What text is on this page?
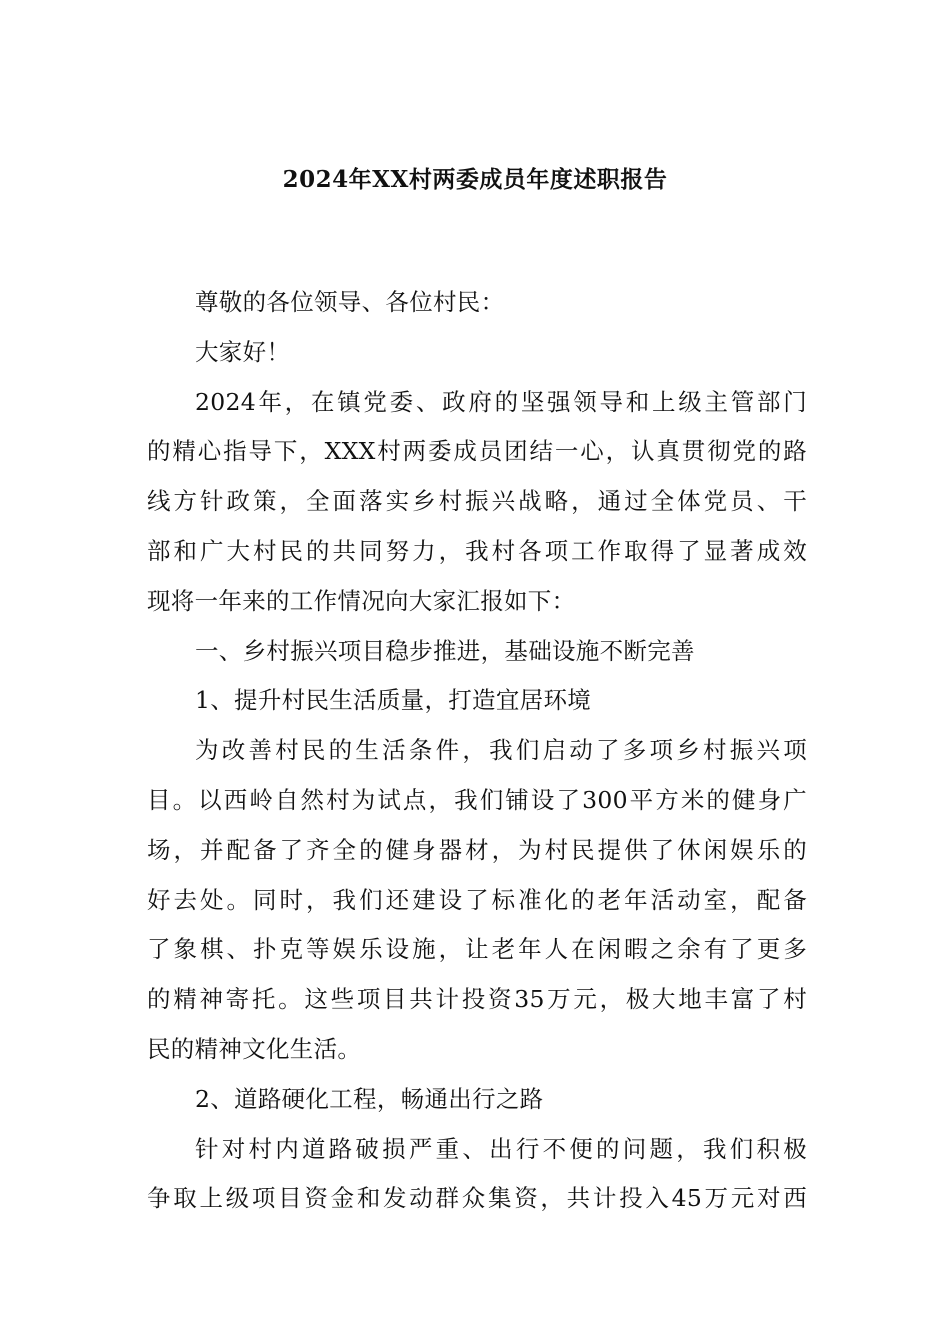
2024年XX村两委成员年度述职报告
尊敬的各位领导、各位村民：
大家好！
2024年，在镇党委、政府的坚强领导和上级主管部门
的精心指导下，XXX村两委成员团结一心，认真贯彻党的路
线方针政策，全面落实乡村振兴战略，通过全体党员、干
部和广大村民的共同努力，我村各项工作取得了显著成效
现将一年来的工作情况向大家汇报如下：
一、乡村振兴项目稳步推进，基础设施不断完善
1、提升村民生活质量，打造宜居环境
为改善村民的生活条件，我们启动了多项乡村振兴项
目。以西岭自然村为试点，我们铺设了300平方米的健身广
场，并配备了齐全的健身器材，为村民提供了休闲娱乐的
好去处。同时，我们还建设了标准化的老年活动室，配备
了象棋、扑克等娱乐设施，让老年人在闲暇之余有了更多
的精神寄托。这些项目共计投资35万元，极大地丰富了村
民的精神文化生活。
2、道路硬化工程，畅通出行之路
针对村内道路破损严重、出行不便的问题，我们积极
争取上级项目资金和发动群众集资，共计投入45万元对西
